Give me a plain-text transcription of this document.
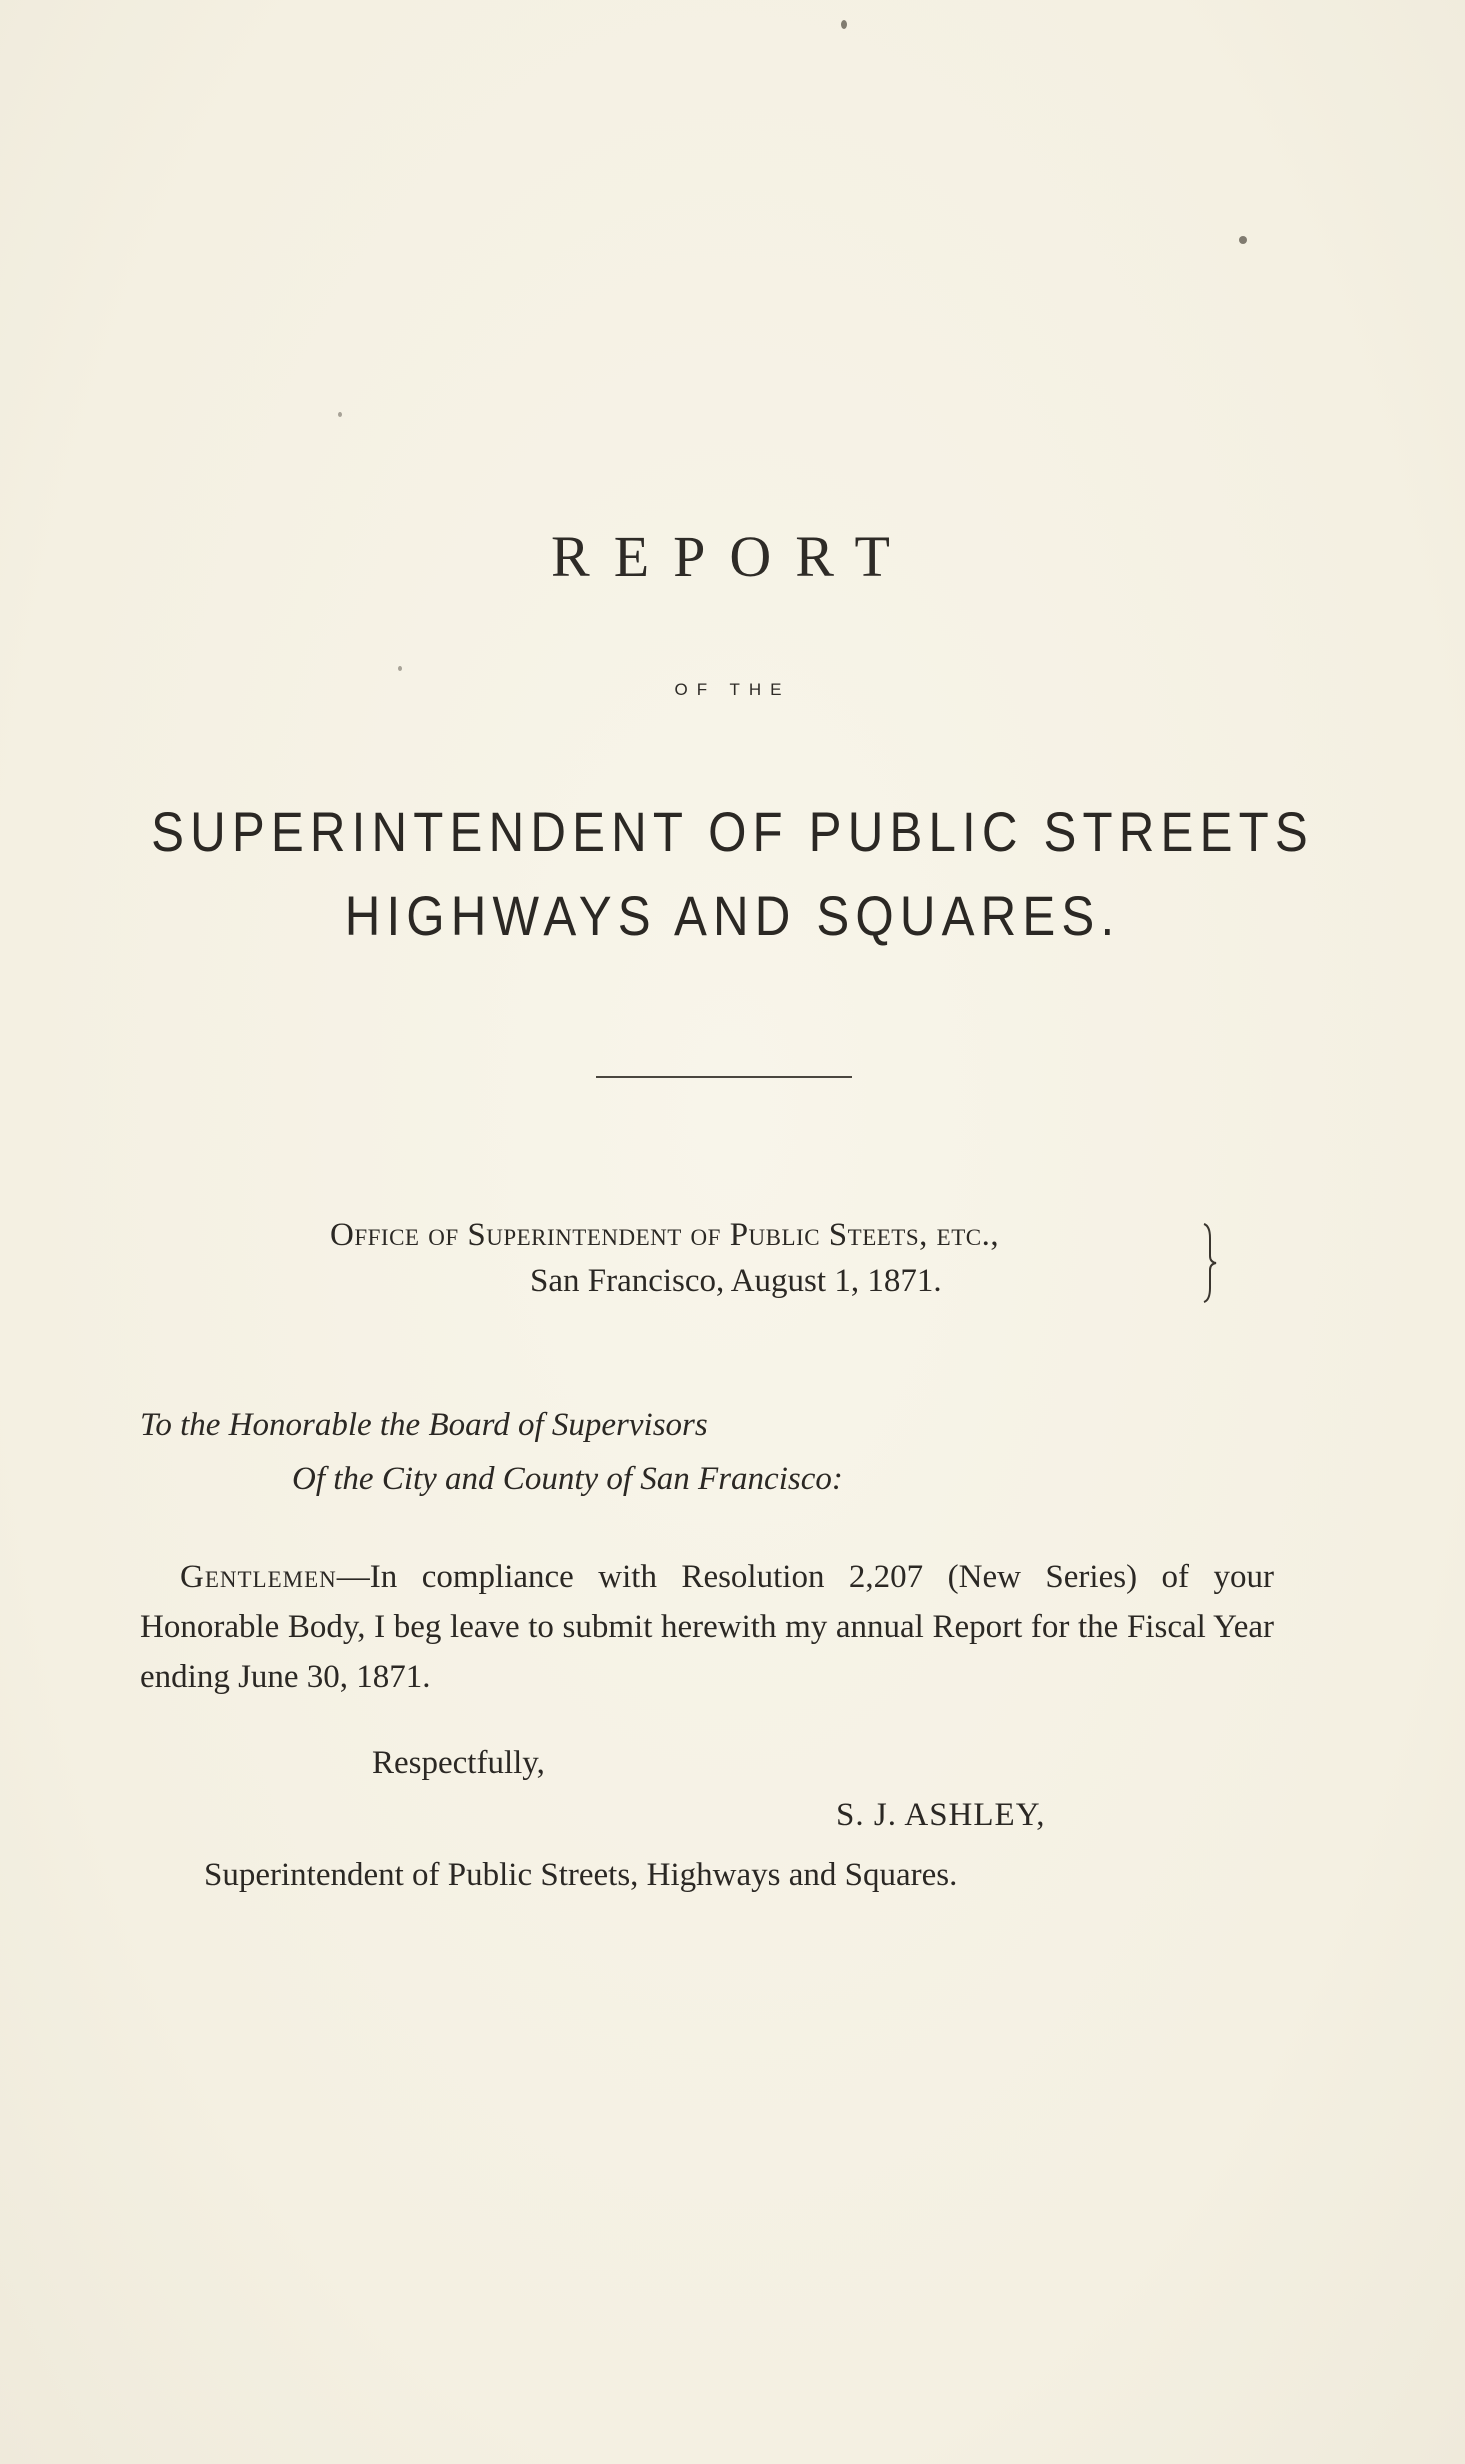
REPORT
OF THE
SUPERINTENDENT OF PUBLIC STREETS
HIGHWAYS AND SQUARES.
Office of Superintendent of Public Steets, etc.,
San Francisco, August 1, 1871.
To the Honorable the Board of Supervisors
Of the City and County of San Francisco:
Gentlemen—In compliance with Resolution 2,207 (New Series) of your Honorable Body, I beg leave to submit herewith my annual Report for the Fiscal Year ending June 30, 1871.
Respectfully,
S. J. ASHLEY,
Superintendent of Public Streets, Highways and Squares.
